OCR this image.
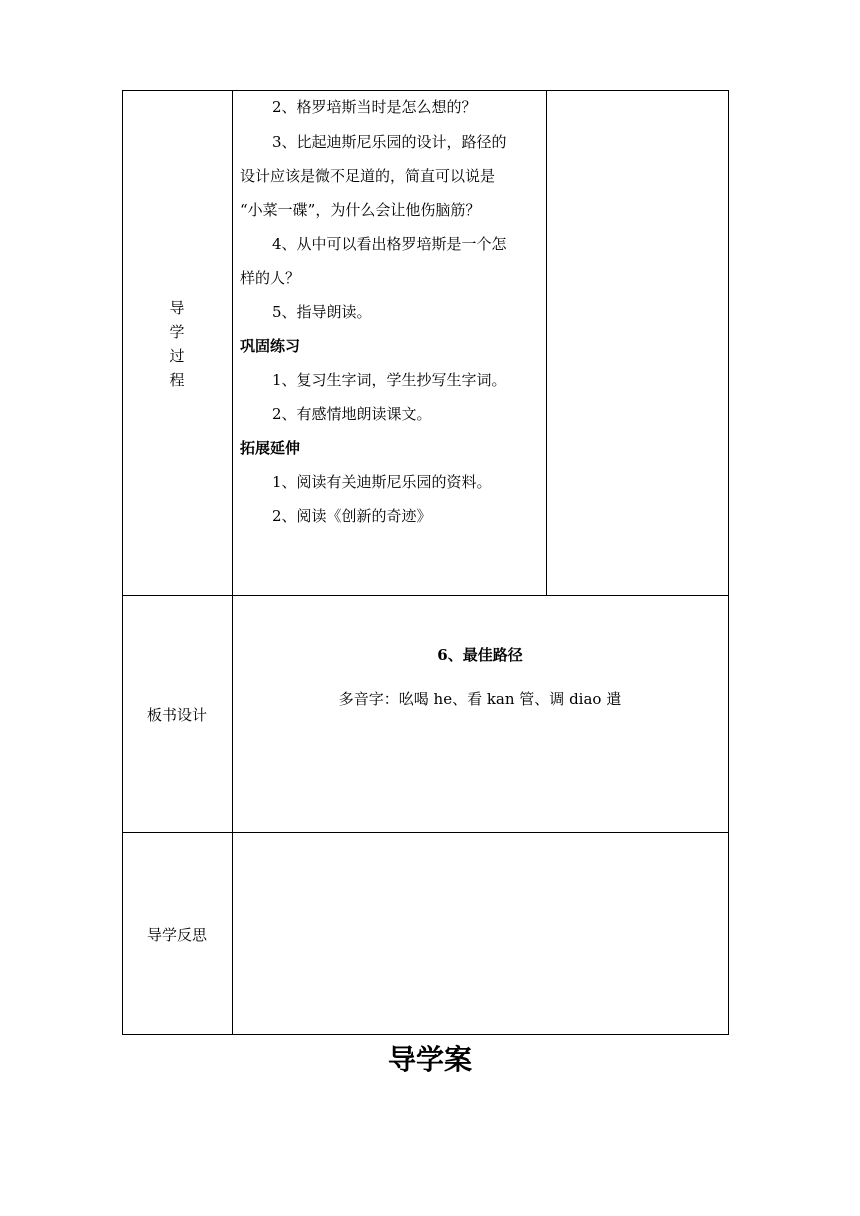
导
学
过
程
2、格罗培斯当时是怎么想的？
3、比起迪斯尼乐园的设计，路径的
设计应该是微不足道的，简直可以说是
“小菜一碟”，为什么会让他伤脑筋？
4、从中可以看出格罗培斯是一个怎
样的人？
5、指导朗读。
巩固练习
1、复习生字词，学生抄写生字词。
2、有感情地朗读课文。
拓展延伸
1、阅读有关迪斯尼乐园的资料。
2、阅读《创新的奇迹》
板书设计
6、最佳路径
多音字：吆喝 he、看 kan 管、调 diao 遣
导学反思
导学案
